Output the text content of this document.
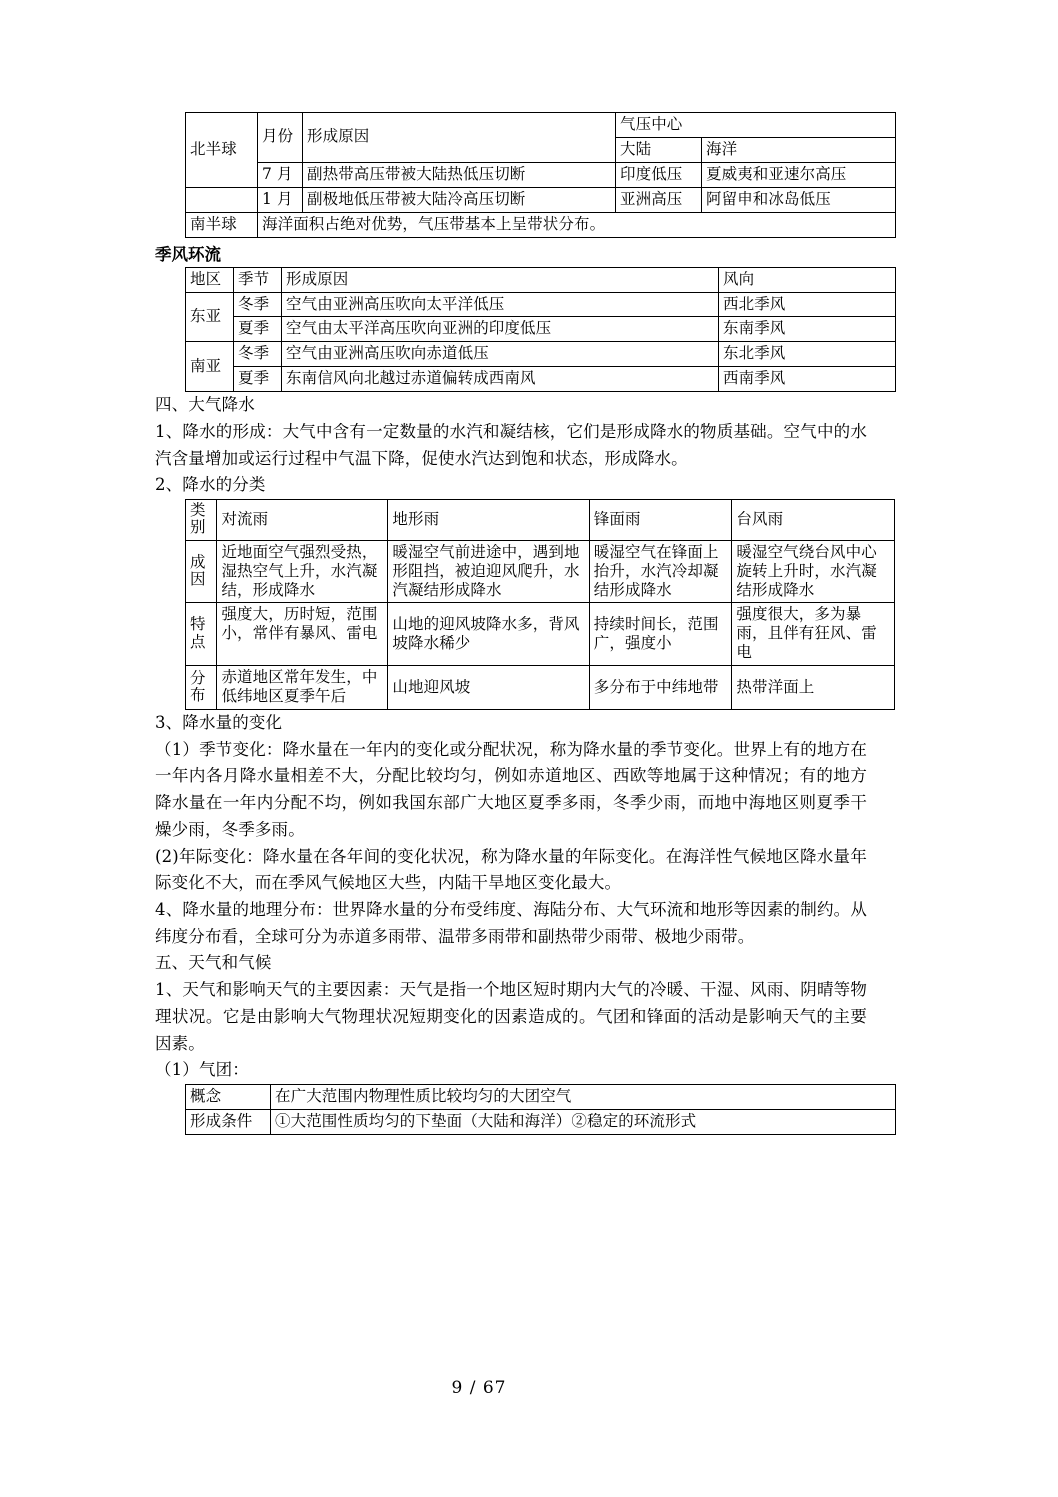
北半球	月份	形成原因	气压中心	
			大陆	海洋
	7 月	副热带高压带被大陆热低压切断	印度低压	夏威夷和亚速尔高压
	1 月	副极地低压带被大陆冷高压切断	亚洲高压	阿留申和冰岛低压
南半球	海洋面积占绝对优势，气压带基本上呈带状分布。			
季风环流
地区	季节	形成原因	风向
东亚	冬季	空气由亚洲高压吹向太平洋低压	西北季风
	夏季	空气由太平洋高压吹向亚洲的印度低压	东南季风
南亚	冬季	空气由亚洲高压吹向赤道低压	东北季风
	夏季	东南信风向北越过赤道偏转成西南风	西南季风

四、大气降水

1、降水的形成：大气中含有一定数量的水汽和凝结核，它们是形成降水的物质基础。空气中的水汽含量增加或运行过程中气温下降，促使水汽达到饱和状态，形成降水。

2、降水的分类

类别	对流雨	地形雨	锋面雨	台风雨

成因	近地面空气强烈受热，湿热空气上升，水汽凝结，形成降水	暖湿空气前进途中，遇到地形阻挡，被迫迎风爬升，水汽凝结形成降水	暖湿空气在锋面上抬升，水汽冷却凝结形成降水	暖湿空气绕台风中心旋转上升时，水汽凝结形成降水

特点	强度大，历时短，范围小，常伴有暴风、雷电	山地的迎风坡降水多，背风坡降水稀少	持续时间长，范围广，强度小	强度很大，多为暴雨，且伴有狂风、雷电

分布	赤道地区常年发生，中低纬地区夏季午后	山地迎风坡	多分布于中纬地带	热带洋面上

3、降水量的变化

（1）季节变化：降水量在一年内的变化或分配状况，称为降水量的季节变化。世界上有的地方在一年内各月降水量相差不大，分配比较均匀，例如赤道地区、西欧等地属于这种情况；有的地方降水量在一年内分配不均，例如我国东部广大地区夏季多雨，冬季少雨，而地中海地区则夏季干燥少雨，冬季多雨。

(2)年际变化：降水量在各年间的变化状况，称为降水量的年际变化。在海洋性气候地区降水量年际变化不大，而在季风气候地区大些，内陆干旱地区变化最大。

4、降水量的地理分布：世界降水量的分布受纬度、海陆分布、大气环流和地形等因素的制约。从纬度分布看，全球可分为赤道多雨带、温带多雨带和副热带少雨带、极地少雨带。

五、天气和气候

1、天气和影响天气的主要因素：天气是指一个地区短时期内大气的冷暖、干湿、风雨、阴晴等物理状况。它是由影响大气物理状况短期变化的因素造成的。气团和锋面的活动是影响天气的主要因素。

（1）气团：

概念	在广大范围内物理性质比较均匀的大团空气
形成条件	①大范围性质均匀的下垫面（大陆和海洋）②稳定的环流形式
9 / 67
